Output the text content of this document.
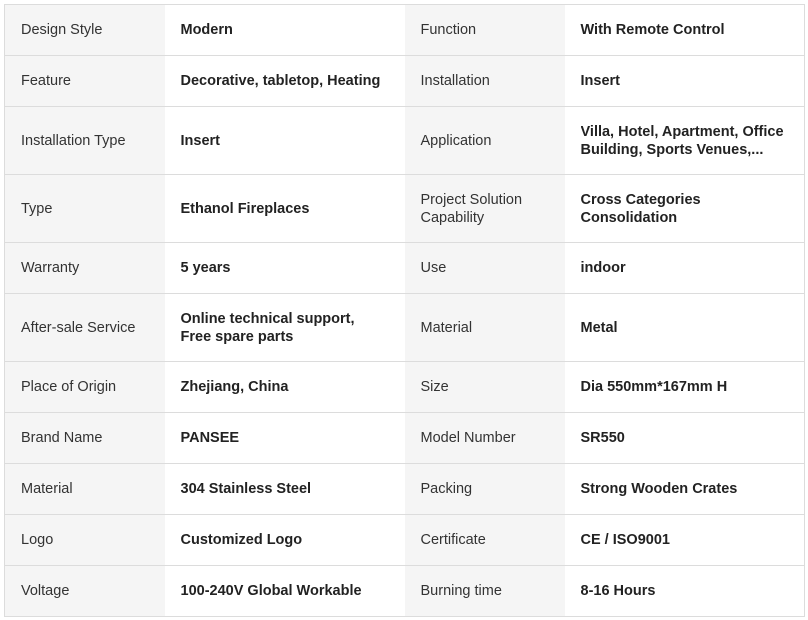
Design Style	Modern	Function	With Remote Control
Feature	Decorative, tabletop, Heating	Installation	Insert
Installation Type	Insert	Application	Villa, Hotel, Apartment, Office Building, Sports Venues,...

Type	Ethanol Fireplaces	Project Solution Capability	Cross Categories Consolidation
Warranty	5 years	Use	indoor
After-sale Service	Online technical support, Free spare parts	Material	Metal
Place of Origin	Zhejiang, China	Size	Dia 550mm*167mm H
Brand Name	PANSEE	Model Number	SR550
Material	304 Stainless Steel	Packing	Strong Wooden Crates
Logo	Customized Logo	Certificate	CE / ISO9001
Voltage	100-240V Global Workable	Burning time	8-16 Hours
